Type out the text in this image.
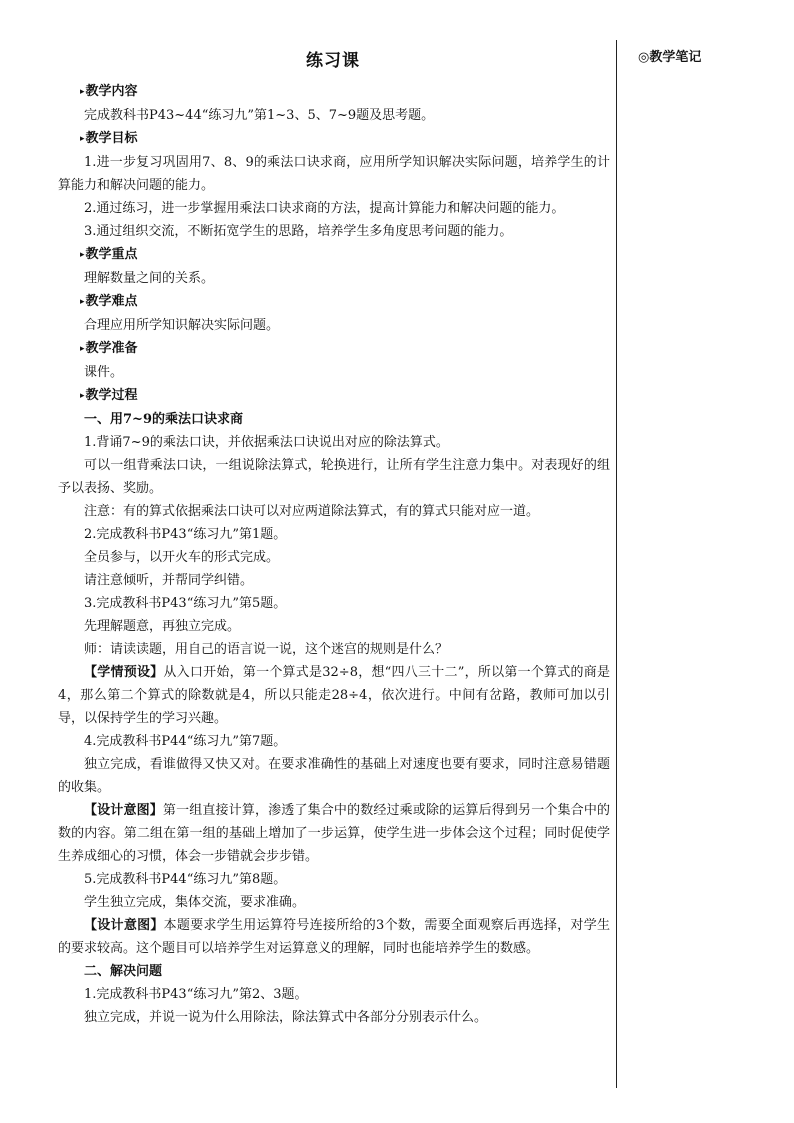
练习课	◎教学笔记

▸ 教学内容

完成教科书P43~44“练习九”第1~3、5、7~9题及思考题。

▸ 教学目标

1.进一步复习巩固用7、8、9的乘法口诀求商，应用所学知识解决实际问题，培养学生的计算能力和解决问题的能力。

2.通过练习，进一步掌握用乘法口诀求商的方法，提高计算能力和解决问题的能力。

3.通过组织交流，不断拓宽学生的思路，培养学生多角度思考问题的能力。

▸ 教学重点

理解数量之间的关系。

▸ 教学难点

合理应用所学知识解决实际问题。

▸ 教学准备

课件。

▸ 教学过程

一、用7~9的乘法口诀求商

1.背诵7~9的乘法口诀，并依据乘法口诀说出对应的除法算式。

可以一组背乘法口诀，一组说除法算式，轮换进行，让所有学生注意力集中。对表现好的组予以表扬、奖励。

注意：有的算式依据乘法口诀可以对应两道除法算式，有的算式只能对应一道。

2.完成教科书P43“练习九”第1题。

全员参与，以开火车的形式完成。

请注意倾听，并帮同学纠错。

3.完成教科书P43“练习九”第5题。

先理解题意，再独立完成。

师：请读读题，用自己的语言说一说，这个迷宫的规则是什么？

【学情预设】从入口开始，第一个算式是32÷8，想“四八三十二”，所以第一个算式的商是4，那么第二个算式的除数就是4，所以只能走28÷4，依次进行。中间有岔路，教师可加以引导，以保持学生的学习兴趣。

4.完成教科书P44“练习九”第7题。

独立完成，看谁做得又快又对。在要求准确性的基础上对速度也要有要求，同时注意易错题的收集。

【设计意图】第一组直接计算，渗透了集合中的数经过乘或除的运算后得到另一个集合中的数的内容。第二组在第一组的基础上增加了一步运算，使学生进一步体会这个过程；同时促使学生养成细心的习惯，体会一步错就会步步错。

5.完成教科书P44“练习九”第8题。

学生独立完成，集体交流，要求准确。

【设计意图】本题要求学生用运算符号连接所给的3个数，需要全面观察后再选择，对学生的要求较高。这个题目可以培养学生对运算意义的理解，同时也能培养学生的数感。

二、解决问题

1.完成教科书P43“练习九”第2、3题。

独立完成，并说一说为什么用除法，除法算式中各部分分别表示什么。
